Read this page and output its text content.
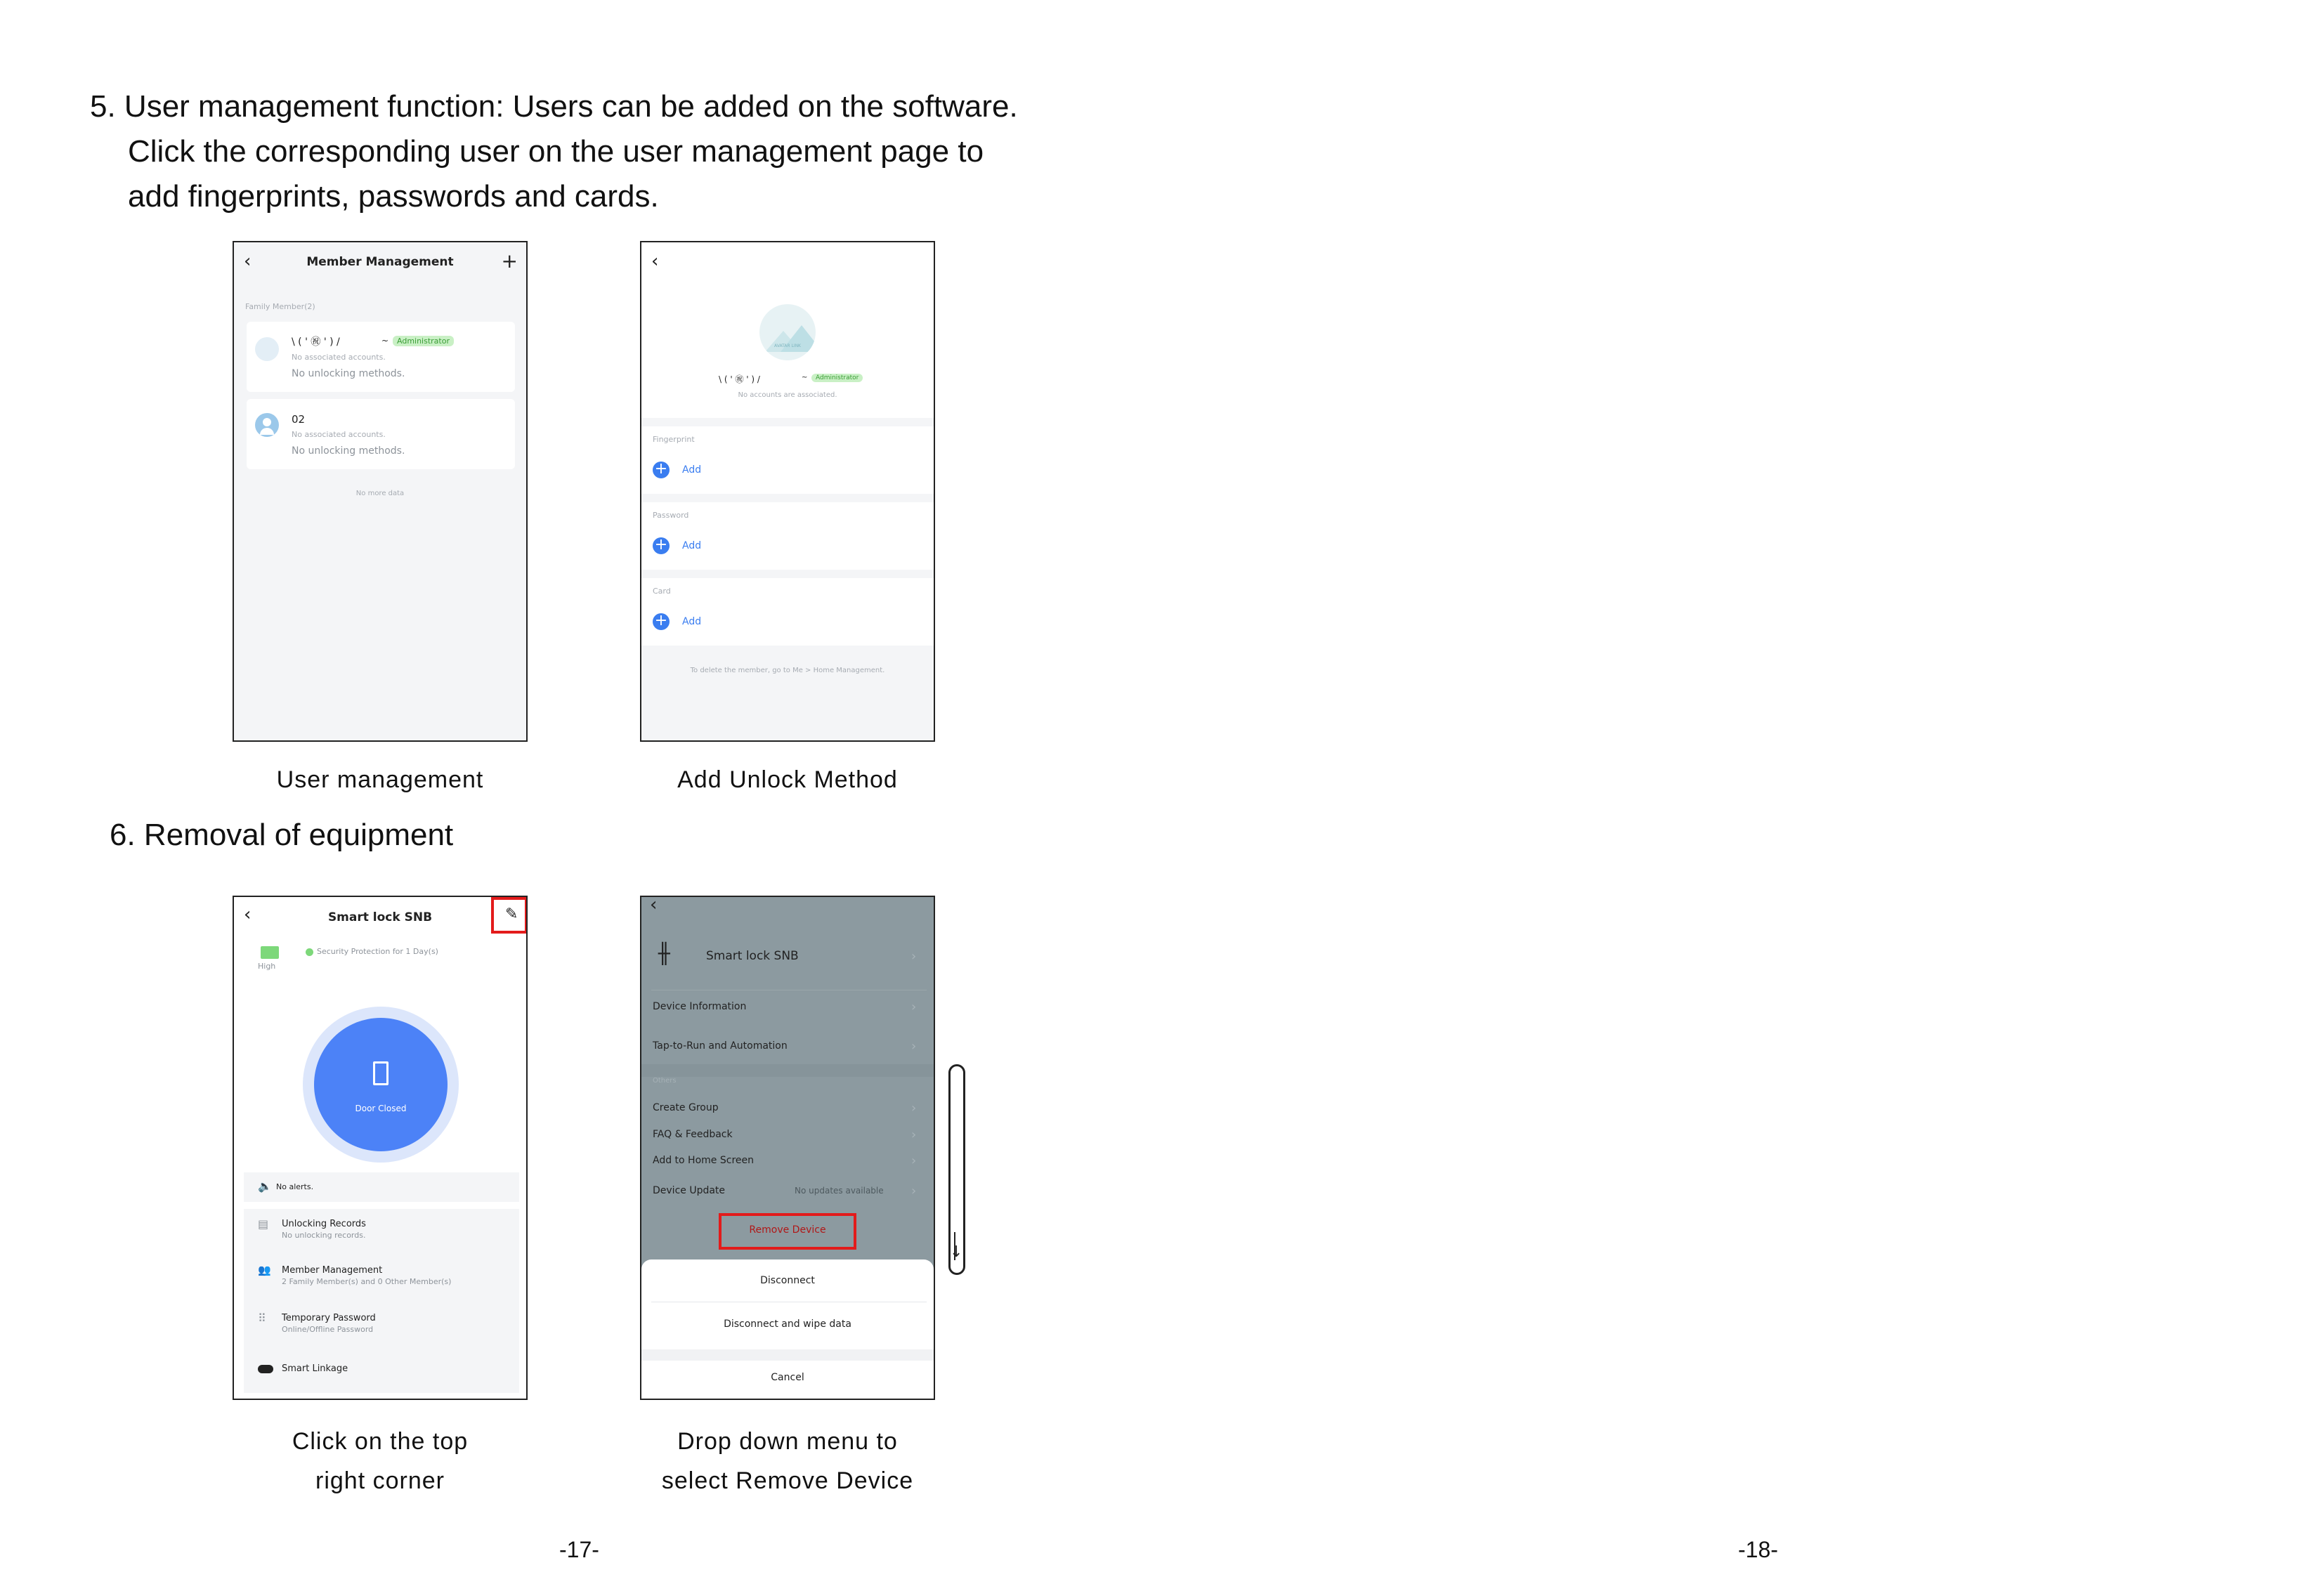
5. User management function: Users can be added on the software.
Click the corresponding user on the user management page to
add fingerprints, passwords and cards.
‹	Member Management	+
Family Member(2)
\ ( ' ㊗ ' ) /	~	Administrator
No associated accounts.
No unlocking methods.
02
No associated accounts.
No unlocking methods.
No more data
‹
AVATAR LINK
\ ( ' ㊗ ' ) /	~	Administrator
No accounts are associated.
Fingerprint
+ Add
Password
+ Add
Card
+ Add
To delete the member, go to Me > Home Management.
User management	Add Unlock Method
6. Removal of equipment
‹	Smart lock SNB	✎
High
Security Protection for 1 Day(s)
Door Closed
🔈 No alerts.
▤ Unlocking Records
No unlocking records.
👥 Member Management
2 Family Member(s) and 0 Other Member(s)
⠿ Temporary Password
Online/Offline Password
Smart Linkage
‹
╫	Smart lock SNB	›
Device Information	›
Tap-to-Run and Automation	›
Others
Create Group	›
FAQ & Feedback	›
Add to Home Screen	›
Device Update	No updates available ›
Remove Device
Disconnect
Disconnect and wipe data
Cancel
↓
Click on the top
right corner
Drop down menu to
select Remove Device
-17-	-18-
